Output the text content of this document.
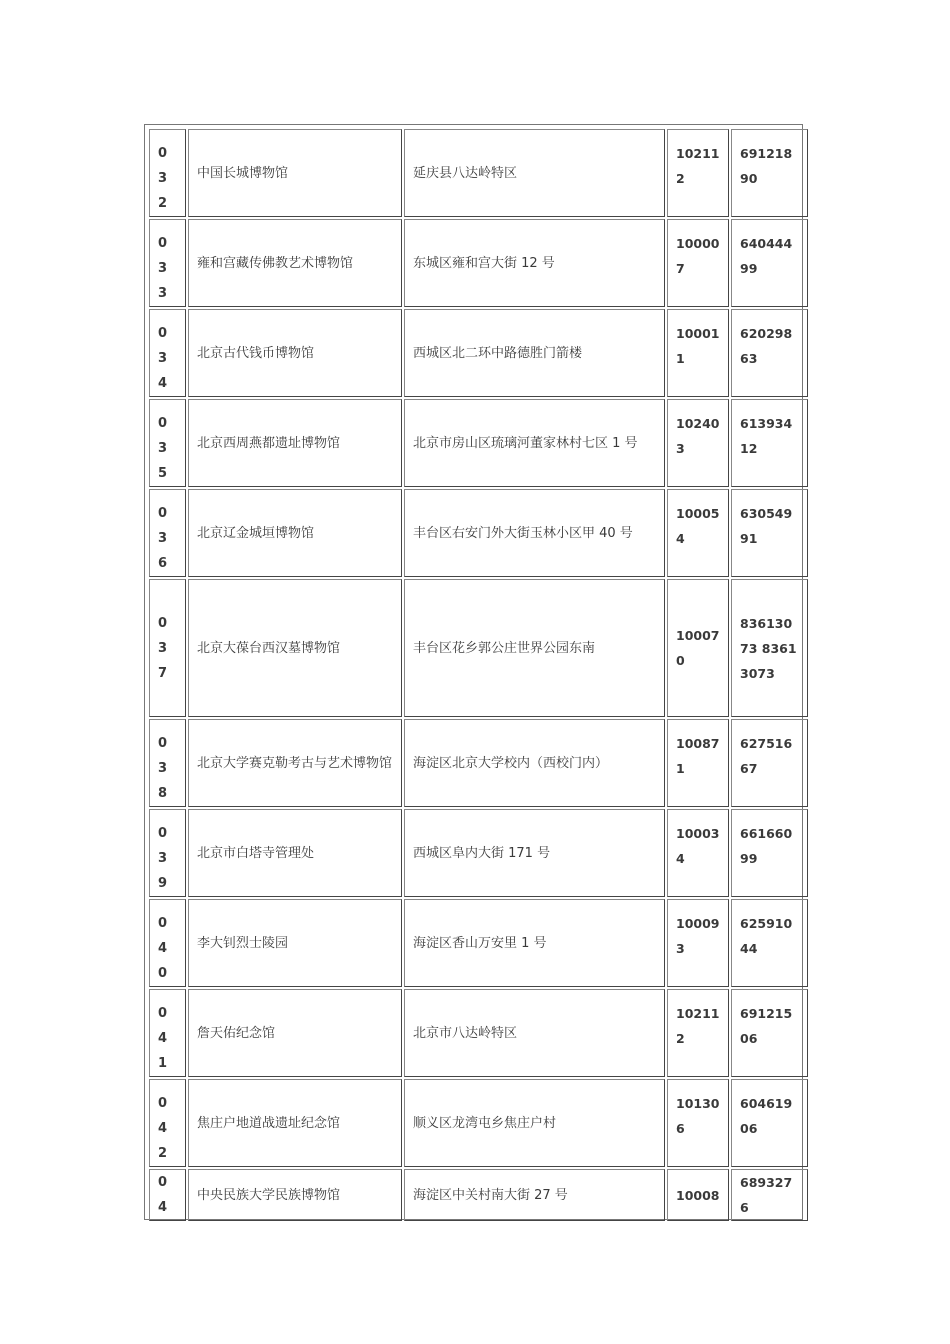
032	中国长城博物馆	延庆县八达岭特区	102112	69121890
033	雍和宫藏传佛教艺术博物馆	东城区雍和宫大街 12 号	100007	64044499
034	北京古代钱币博物馆	西城区北二环中路德胜门箭楼	100011	62029863
035	北京西周燕都遗址博物馆	北京市房山区琉璃河董家林村七区 1 号	102403	61393412
036	北京辽金城垣博物馆	丰台区右安门外大街玉林小区甲 40 号	100054	63054991
037	北京大葆台西汉墓博物馆	丰台区花乡郭公庄世界公园东南	100070	83613073 83613073
038	北京大学赛克勒考古与艺术博物馆	海淀区北京大学校内（西校门内）	100871	62751667
039	北京市白塔寺管理处	西城区阜内大街 171 号	100034	66166099
040	李大钊烈士陵园	海淀区香山万安里 1 号	100093	62591044
041	詹天佑纪念馆	北京市八达岭特区	102112	69121506
042	焦庄户地道战遗址纪念馆	顺义区龙湾屯乡焦庄户村	101306	60461906
04	中央民族大学民族博物馆	海淀区中关村南大街 27 号	10008	6893276
